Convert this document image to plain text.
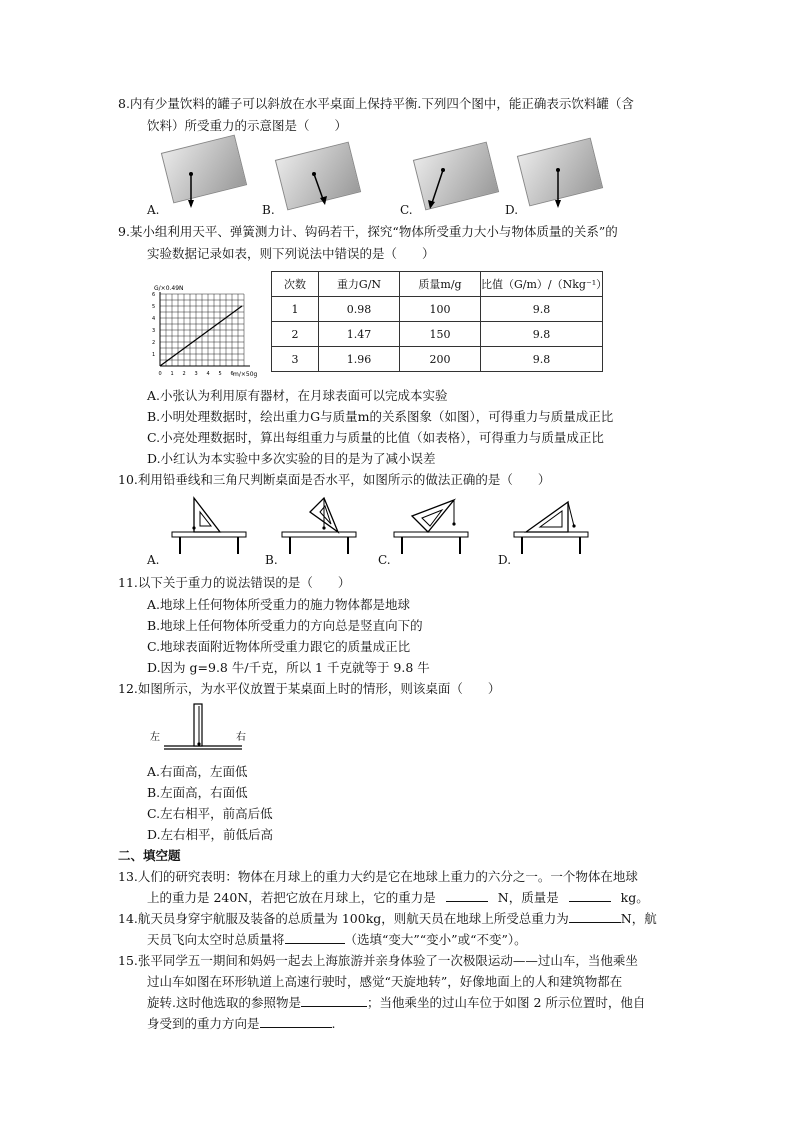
8.内有少量饮料的罐子可以斜放在水平桌面上保持平衡.下列四个图中，能正确表示饮料罐（含
饮料）所受重力的示意图是（　　）
A.	B.	C.	D.
9.某小组利用天平、弹簧测力计、钩码若干，探究“物体所受重力大小与物体质量的关系”的
实验数据记录如表，则下列说法中错误的是（　　）
G/×0.49N
1
2
3
4
5
6
0 1 2 3 4 5 6 m/×50g
次数	重力G/N	质量m/g	比值（G/m）/（Nkg⁻¹）
1	0.98	100	9.8
2	1.47	150	9.8
3	1.96	200	9.8
A.小张认为利用原有器材，在月球表面可以完成本实验
B.小明处理数据时，绘出重力G与质量m的关系图象（如图），可得重力与质量成正比
C.小亮处理数据时，算出每组重力与质量的比值（如表格），可得重力与质量成正比
D.小红认为本实验中多次实验的目的是为了减小误差
10.利用铅垂线和三角尺判断桌面是否水平，如图所示的做法正确的是（　　）
A.	B.	C.	D.
11.以下关于重力的说法错误的是（　　）
A.地球上任何物体所受重力的施力物体都是地球
B.地球上任何物体所受重力的方向总是竖直向下的
C.地球表面附近物体所受重力跟它的质量成正比
D.因为 g=9.8 牛/千克，所以 1 千克就等于 9.8 牛
12.如图所示，为水平仪放置于某桌面上时的情形，则该桌面（　　）
左	右
A.右面高，左面低
B.左面高，右面低
C.左右相平，前高后低
D.左右相平，前低后高
二、填空题
13.人们的研究表明：物体在月球上的重力大约是它在地球上重力的六分之一。一个物体在地球
上的重力是 240N，若把它放在月球上，它的重力是	N，质量是	kg。
14.航天员身穿宇航服及装备的总质量为 100kg，则航天员在地球上所受总重力为	N，航
天员飞向太空时总质量将	（选填“变大”“变小”或“不变”）。
15.张平同学五一期间和妈妈一起去上海旅游并亲身体验了一次极限运动——过山车，当他乘坐
过山车如图在环形轨道上高速行驶时，感觉“天旋地转”，好像地面上的人和建筑物都在
旋转.这时他选取的参照物是	；当他乘坐的过山车位于如图 2 所示位置时，他自
身受到的重力方向是	.
